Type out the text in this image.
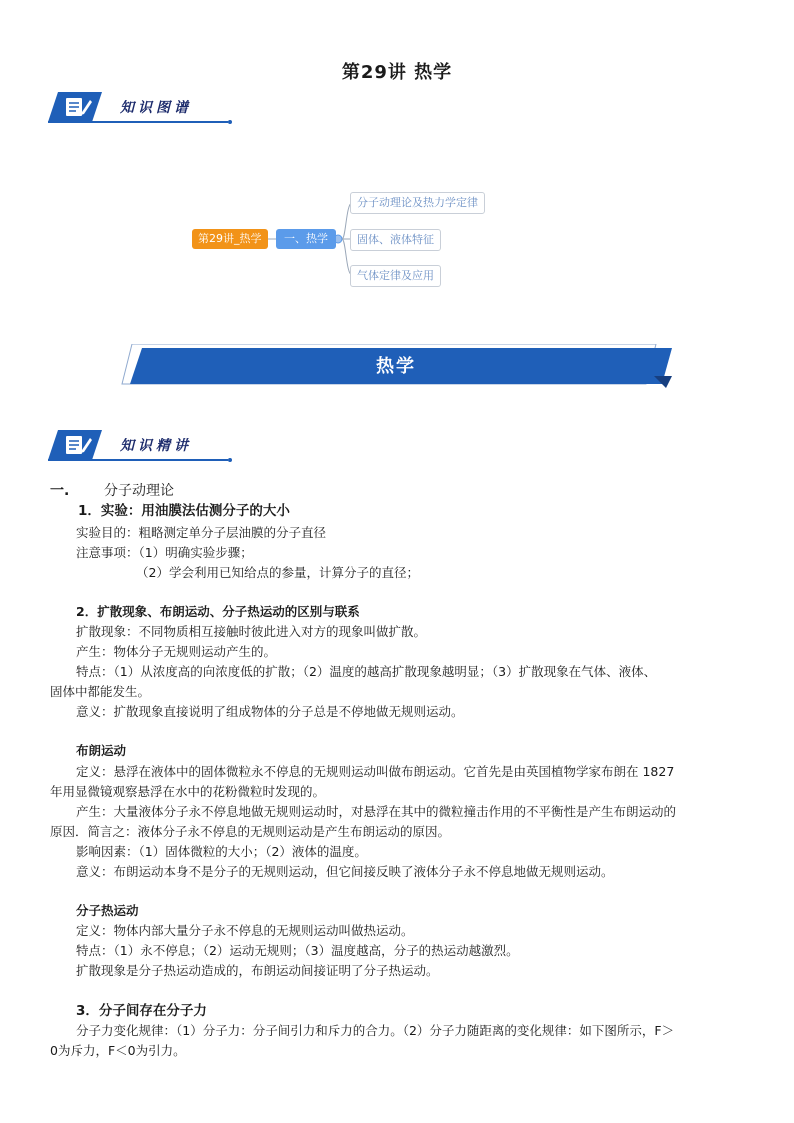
第29讲 热学
知识图谱
第29讲_热学	一、热学
分子动理论及热力学定律
固体、液体特征
气体定律及应用
热学
知识精讲
一. 分子动理论
1．实验：用油膜法估测分子的大小
实验目的：粗略测定单分子层油膜的分子直径
注意事项：（1）明确实验步骤；
（2）学会利用已知给点的参量，计算分子的直径；
2．扩散现象、布朗运动、分子热运动的区别与联系
扩散现象：不同物质相互接触时彼此进入对方的现象叫做扩散。
产生：物体分子无规则运动产生的。
特点：（1）从浓度高的向浓度低的扩散；（2）温度的越高扩散现象越明显；（3）扩散现象在气体、液体、
固体中都能发生。
意义：扩散现象直接说明了组成物体的分子总是不停地做无规则运动。
布朗运动
定义：悬浮在液体中的固体微粒永不停息的无规则运动叫做布朗运动。它首先是由英国植物学家布朗在 1827
年用显微镜观察悬浮在水中的花粉微粒时发现的。
产生：大量液体分子永不停息地做无规则运动时，对悬浮在其中的微粒撞击作用的不平衡性是产生布朗运动的
原因．简言之：液体分子永不停息的无规则运动是产生布朗运动的原因。
影响因素：（1）固体微粒的大小；（2）液体的温度。
意义：布朗运动本身不是分子的无规则运动，但它间接反映了液体分子永不停息地做无规则运动。
分子热运动
定义：物体内部大量分子永不停息的无规则运动叫做热运动。
特点：（1）永不停息；（2）运动无规则；（3）温度越高，分子的热运动越激烈。
扩散现象是分子热运动造成的，布朗运动间接证明了分子热运动。
3．分子间存在分子力
分子力变化规律：（1）分子力：分子间引力和斥力的合力。（2）分子力随距离的变化规律：如下图所示，F＞
0为斥力，F＜0为引力。
